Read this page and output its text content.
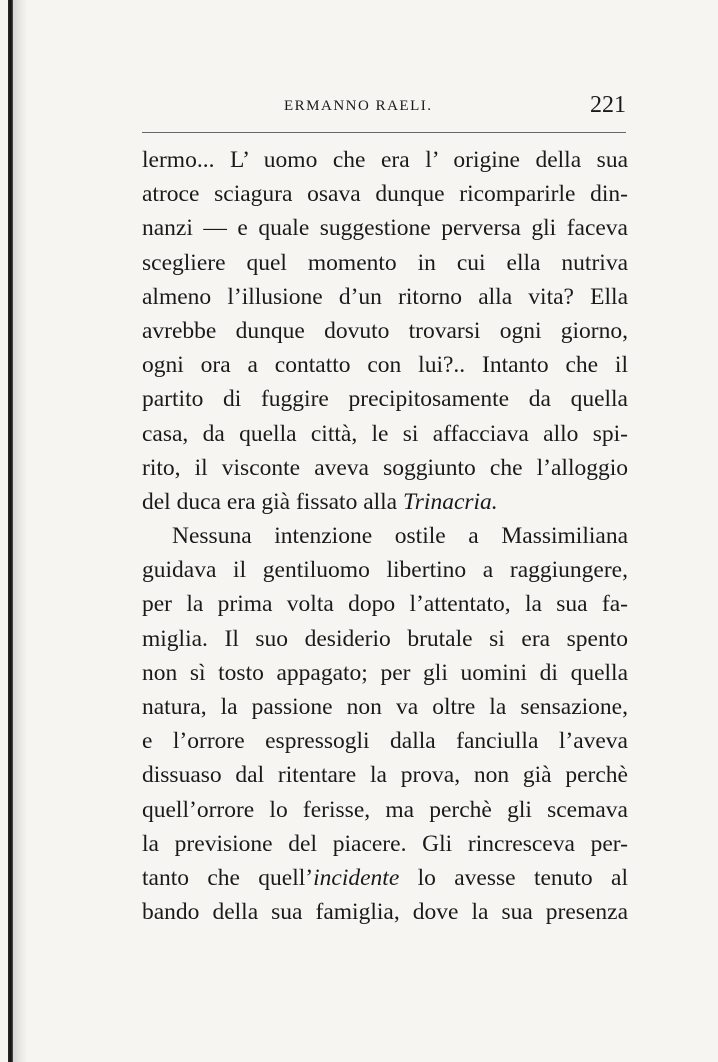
ERMANNO RAELI.	221
lermo... L’ uomo che era l’ origine della sua
atroce sciagura osava dunque ricomparirle din-
nanzi — e quale suggestione perversa gli faceva
scegliere quel momento in cui ella nutriva
almeno l’illusione d’un ritorno alla vita? Ella
avrebbe dunque dovuto trovarsi ogni giorno,
ogni ora a contatto con lui?.. Intanto che il
partito di fuggire precipitosamente da quella
casa, da quella città, le si affacciava allo spi-
rito, il visconte aveva soggiunto che l’alloggio
del duca era già fissato alla Trinacria.
Nessuna intenzione ostile a Massimiliana
guidava il gentiluomo libertino a raggiungere,
per la prima volta dopo l’attentato, la sua fa-
miglia. Il suo desiderio brutale si era spento
non sì tosto appagato; per gli uomini di quella
natura, la passione non va oltre la sensazione,
e l’orrore espressogli dalla fanciulla l’aveva
dissuaso dal ritentare la prova, non già perchè
quell’orrore lo ferisse, ma perchè gli scemava
la previsione del piacere. Gli rincresceva per-
tanto che quell’incidente lo avesse tenuto al
bando della sua famiglia, dove la sua presenza
